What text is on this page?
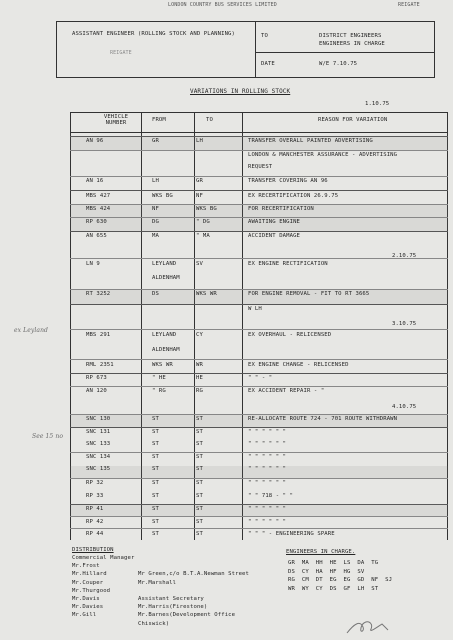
LONDON COUNTRY BUS SERVICES LIMITED	REIGATE
ASSISTANT ENGINEER (ROLLING STOCK AND PLANNING)
REIGATE
TO	DISTRICT ENGINEERS
ENGINEERS IN CHARGE
DATE	W/E 7.10.75
VARIATIONS IN ROLLING STOCK
1.10.75
VEHICLE NUMBER	FROM	TO	REASON FOR VARIATION
AN 96	GR	LH	TRANSFER OVERALL PAINTED ADVERTISING
LONDON & MANCHESTER ASSURANCE - ADVERTISING
REQUEST
AN 16	LH	GR	TRANSFER COVERING AN 96
MBS 427	WKS BG	NF	EX RECERTIFICATION 26.9.75
MBS 424	NF	WKS BG	FOR RECERTIFICATION
RP 630	DG	" DG	AWAITING ENGINE
AN 655	MA	" MA	ACCIDENT DAMAGE
LN 9	LEYLAND	SV	EX ENGINE RECTIFICATION
ALDENHAM
RT 3252	DS	WKS WR	FOR ENGINE REMOVAL - FIT TO RT 3665
W LH
MBS 291	LEYLAND	CY	EX OVERHAUL - RELICENSED
ALDENHAM
RML 2351	WKS WR	WR	EX ENGINE CHANGE - RELICENSED
RP 673	" HE	HE	" " - "
AN 120	" RG	RG	EX ACCIDENT REPAIR - "
SNC 130	ST	ST	RE-ALLOCATE ROUTE 724 - 701 ROUTE WITHDRAWN
SNC 131	ST	ST	" " " " " "
SNC 133	ST	ST	" " " " " "
SNC 134	ST	ST	" " " " " "
SNC 135	ST	ST	" " " " " "
RP 32	ST	ST	" " " " " "
RP 33	ST	ST	" " 718 - " "
RP 41	ST	ST	" " " " " "
RP 42	ST	ST	" " " " " "
RP 44	ST	ST	" " " - ENGINEERING SPARE
2.10.75
3.10.75
4.10.75
ex Leyland
See 15 no
DISTRIBUTION
Commercial Manager
Mr.Frost
Mr.Hillard	Mr Green,c/o B.T.A.Newman Street
Mr.Couper	Mr.Marshall
Mr.Thurgood
Mr.Davis	Assistant Secretary
Mr.Davies	Mr.Harris(Firestone)
Mr.Gill	Mr.Barnes(Development Office
Chiswick)
ENGINEERS IN CHARGE.
GR  MA  HH  HE  LS  DA  TG
DS  CY  HA  HF  HG  SV
RG  CM  DT  EG  EG  GD  NF  SJ
WR  WY  CY  DS  GF  LH  ST
